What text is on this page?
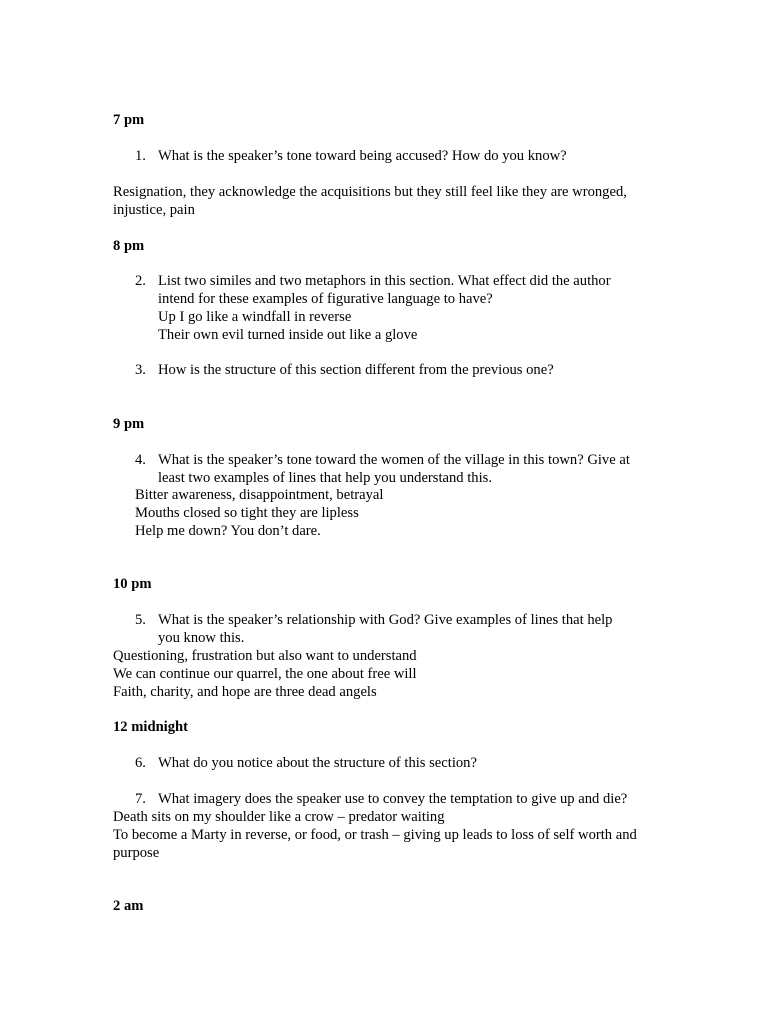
7 pm
1. What is the speaker’s tone toward being accused? How do you know?
Resignation, they acknowledge the acquisitions but they still feel like they are wronged,
injustice, pain
8 pm
2. List two similes and two metaphors in this section. What effect did the author
intend for these examples of figurative language to have?
Up I go like a windfall in reverse
Their own evil turned inside out like a glove
3. How is the structure of this section different from the previous one?
9 pm
4. What is the speaker’s tone toward the women of the village in this town? Give at
least two examples of lines that help you understand this.
Bitter awareness, disappointment, betrayal
Mouths closed so tight they are lipless
Help me down? You don’t dare.
10 pm
5. What is the speaker’s relationship with God? Give examples of lines that help
you know this.
Questioning, frustration but also want to understand
We can continue our quarrel, the one about free will
Faith, charity, and hope are three dead angels
12 midnight
6. What do you notice about the structure of this section?
7. What imagery does the speaker use to convey the temptation to give up and die?
Death sits on my shoulder like a crow – predator waiting
To become a Marty in reverse, or food, or trash – giving up leads to loss of self worth and
purpose
2 am
